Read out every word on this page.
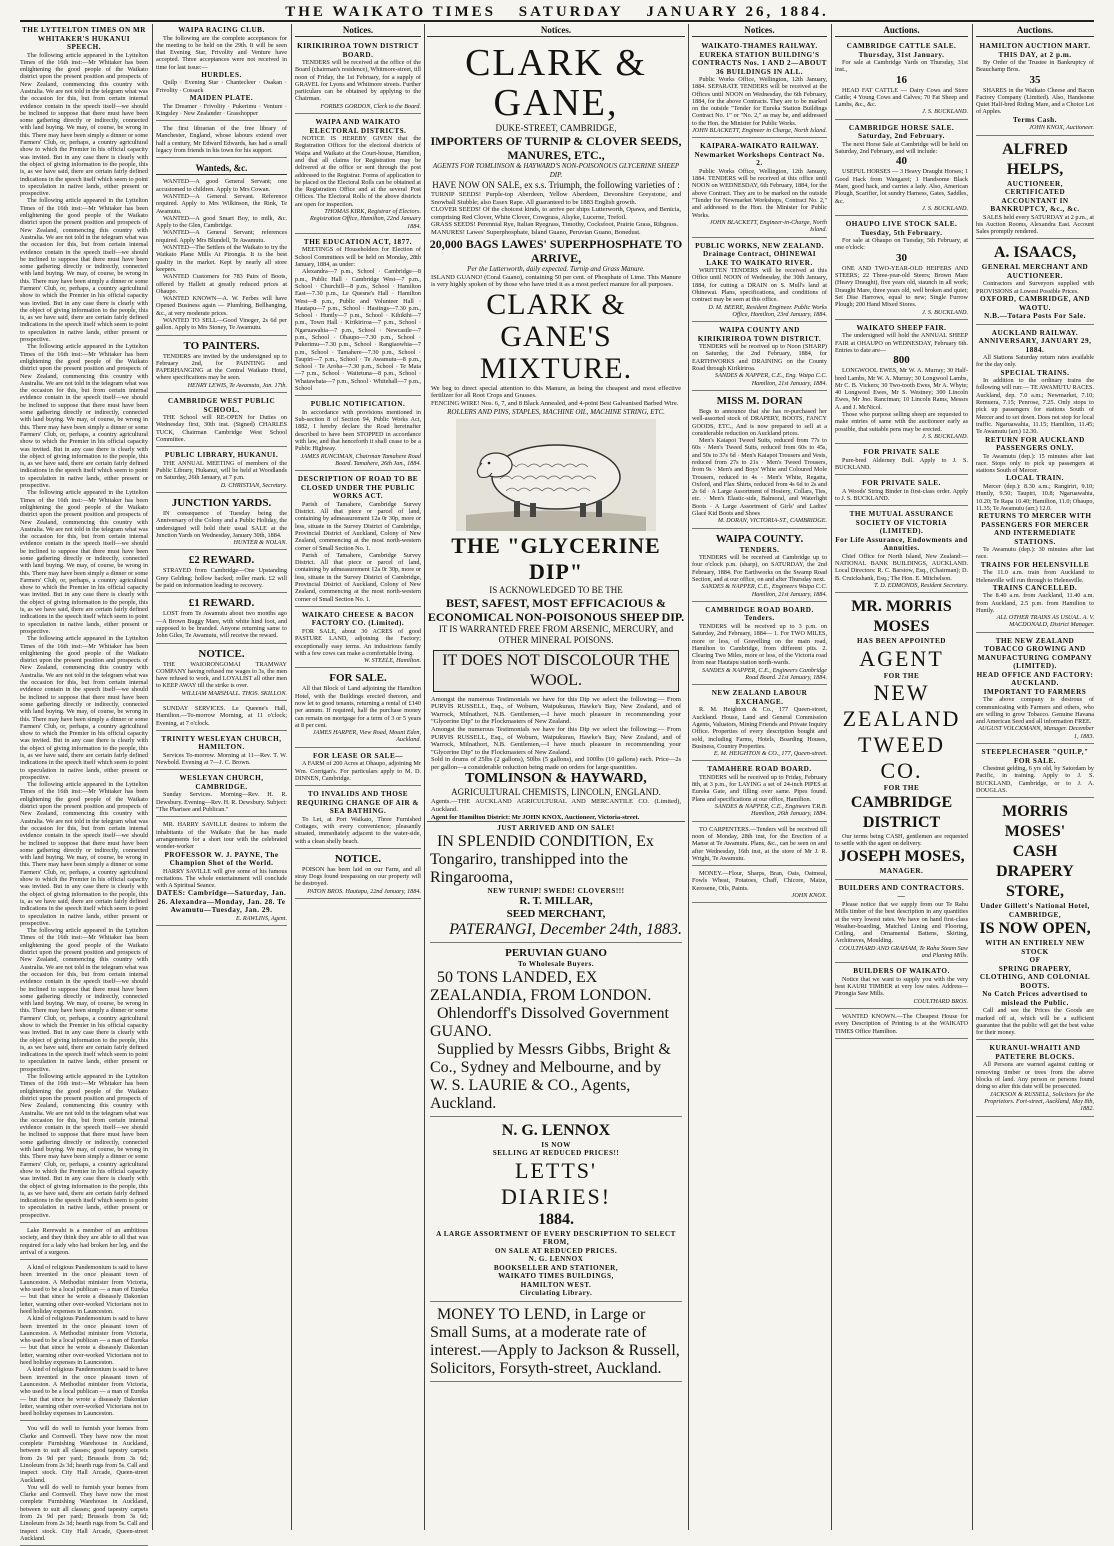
THE WAIKATO TIMES SATURDAY JANUARY 26, 1884.
THE LYTTELTON TIMES ON MR WHITAKER'S HUKANUI SPEECH.

The following article appeared in the Lyttelton Times of the 16th inst:—Mr Whitaker has been enlightening the good people of the Waikato district upon the present position and prospects of New Zealand, commencing this country with Australia. We are not told in the telegram what was the occasion for this, but from certain internal evidence contain in the speech itself—we should be inclined to suppose that there must have been some gathering directly or indirectly, connected with land buying. We may, of course, be wrong in this. There may have been simply a dinner or some Farmers' Club, or, perhaps, a country agricultural show to which the Premier in his official capacity was invited. But in any case there is clearly with the object of giving information to the people, this is, as we have said, there are certain fairly defined indications in the speech itself which seem to point to speculation in native lands, either present or prospective.

The following article appeared in the Lyttelton Times of the 16th inst:—Mr Whitaker has been enlightening the good people of the Waikato district upon the present position and prospects of New Zealand, commencing this country with Australia. We are not told in the telegram what was the occasion for this, but from certain internal evidence contain in the speech itself—we should be inclined to suppose that there must have been some gathering directly or indirectly, connected with land buying. We may, of course, be wrong in this. There may have been simply a dinner or some Farmers' Club, or, perhaps, a country agricultural show to which the Premier in his official capacity was invited. But in any case there is clearly with the object of giving information to the people, this is, as we have said, there are certain fairly defined indications in the speech itself which seem to point to speculation in native lands, either present or prospective.

The following article appeared in the Lyttelton Times of the 16th inst:—Mr Whitaker has been enlightening the good people of the Waikato district upon the present position and prospects of New Zealand, commencing this country with Australia. We are not told in the telegram what was the occasion for this, but from certain internal evidence contain in the speech itself—we should be inclined to suppose that there must have been some gathering directly or indirectly, connected with land buying. We may, of course, be wrong in this. There may have been simply a dinner or some Farmers' Club, or, perhaps, a country agricultural show to which the Premier in his official capacity was invited. But in any case there is clearly with the object of giving information to the people, this is, as we have said, there are certain fairly defined indications in the speech itself which seem to point to speculation in native lands, either present or prospective.

The following article appeared in the Lyttelton Times of the 16th inst:—Mr Whitaker has been enlightening the good people of the Waikato district upon the present position and prospects of New Zealand, commencing this country with Australia. We are not told in the telegram what was the occasion for this, but from certain internal evidence contain in the speech itself—we should be inclined to suppose that there must have been some gathering directly or indirectly, connected with land buying. We may, of course, be wrong in this. There may have been simply a dinner or some Farmers' Club, or, perhaps, a country agricultural show to which the Premier in his official capacity was invited. But in any case there is clearly with the object of giving information to the people, this is, as we have said, there are certain fairly defined indications in the speech itself which seem to point to speculation in native lands, either present or prospective.

The following article appeared in the Lyttelton Times of the 16th inst:—Mr Whitaker has been enlightening the good people of the Waikato district upon the present position and prospects of New Zealand, commencing this country with Australia. We are not told in the telegram what was the occasion for this, but from certain internal evidence contain in the speech itself—we should be inclined to suppose that there must have been some gathering directly or indirectly, connected with land buying. We may, of course, be wrong in this. There may have been simply a dinner or some Farmers' Club, or, perhaps, a country agricultural show to which the Premier in his official capacity was invited. But in any case there is clearly with the object of giving information to the people, this is, as we have said, there are certain fairly defined indications in the speech itself which seem to point to speculation in native lands, either present or prospective.

The following article appeared in the Lyttelton Times of the 16th inst:—Mr Whitaker has been enlightening the good people of the Waikato district upon the present position and prospects of New Zealand, commencing this country with Australia. We are not told in the telegram what was the occasion for this, but from certain internal evidence contain in the speech itself—we should be inclined to suppose that there must have been some gathering directly or indirectly, connected with land buying. We may, of course, be wrong in this. There may have been simply a dinner or some Farmers' Club, or, perhaps, a country agricultural show to which the Premier in his official capacity was invited. But in any case there is clearly with the object of giving information to the people, this is, as we have said, there are certain fairly defined indications in the speech itself which seem to point to speculation in native lands, either present or prospective.

The following article appeared in the Lyttelton Times of the 16th inst:—Mr Whitaker has been enlightening the good people of the Waikato district upon the present position and prospects of New Zealand, commencing this country with Australia. We are not told in the telegram what was the occasion for this, but from certain internal evidence contain in the speech itself—we should be inclined to suppose that there must have been some gathering directly or indirectly, connected with land buying. We may, of course, be wrong in this. There may have been simply a dinner or some Farmers' Club, or, perhaps, a country agricultural show to which the Premier in his official capacity was invited. But in any case there is clearly with the object of giving information to the people, this is, as we have said, there are certain fairly defined indications in the speech itself which seem to point to speculation in native lands, either present or prospective.

The following article appeared in the Lyttelton Times of the 16th inst:—Mr Whitaker has been enlightening the good people of the Waikato district upon the present position and prospects of New Zealand, commencing this country with Australia. We are not told in the telegram what was the occasion for this, but from certain internal evidence contain in the speech itself—we should be inclined to suppose that there must have been some gathering directly or indirectly, connected with land buying. We may, of course, be wrong in this. There may have been simply a dinner or some Farmers' Club, or, perhaps, a country agricultural show to which the Premier in his official capacity was invited. But in any case there is clearly with the object of giving information to the people, this is, as we have said, there are certain fairly defined indications in the speech itself which seem to point to speculation in native lands, either present or prospective.

Lake Rerewahi is a member of an ambitious society, and they think they are able to all that was required for a lady who had broken her leg, and the arrival of a surgeon.

A kind of religious Pandemonium is said to have been invented in the once pleasant town of Launceston. A Methodist minister from Victoria, who used to be a local publican — a man of Eureka — but that since he wrote a diseasely Dakonian letter, warning other over-worked Victorians not to heed holiday expenses in Launceston.

A kind of religious Pandemonium is said to have been invented in the once pleasant town of Launceston. A Methodist minister from Victoria, who used to be a local publican — a man of Eureka — but that since he wrote a diseasely Dakonian letter, warning other over-worked Victorians not to heed holiday expenses in Launceston.

A kind of religious Pandemonium is said to have been invented in the once pleasant town of Launceston. A Methodist minister from Victoria, who used to be a local publican — a man of Eureka — but that since he wrote a diseasely Dakonian letter, warning other over-worked Victorians not to heed holiday expenses in Launceston.

You will do well to furnish your homes from Clarke and Cornwell. They have now the most complete Furnishing Warehouse in Auckland, between to suit all classes; good tapestry carpets from 2s 9d per yard; Brussels from 3s 6d; Linoleum from 2s 3d; hearth rugs from 5s. Call and inspect stock. City Hall Arcade, Queen-street Auckland.

You will do well to furnish your homes from Clarke and Cornwell. They have now the most complete Furnishing Warehouse in Auckland, between to suit all classes; good tapestry carpets from 2s 9d per yard; Brussels from 3s 6d; Linoleum from 2s 3d; hearth rugs from 5s. Call and inspect stock. City Hall Arcade, Queen-street Auckland.

WAIPA RACING CLUB.

The following are the complete acceptances for the meeting to be held on the 29th. It will be seen that Evening Star, Frivolity and Venture have accepted. Three acceptances were not received in time for last issue:—

HURDLES.

Quilp · Evening Star · Chantecleer · Osakan · Frivolity · Cossack

MAIDEN PLATE.

The Dreamer · Frivolity · Pukerimu · Venture · Kingsley · New Zealander · Grasshopper

The first librarian of the free library of Manchester, England, whose labours extend over half a century, Mr Edward Edwards, has had a small legacy from friends in his town for his support.

Wanteds, &c.

WANTED—A good General Servant; one accustomed to children. Apply to Mrs Cowan.

WANTED—A General Servant. Reference required. Apply to Mrs Wilkinson, the Rink, Te Awamutu.

WANTED—A good Smart Boy, to milk, &c. Apply to the Glen, Cambridge.

WANTED—A General Servant; references required. Apply Mrs Blundell, Te Awamutu.

WANTED—The Settlers of the Waikato to try the Waikato Plane Mills At Pirongia. It is the best quality in the market. Kept by nearly all store keepers.

WANTED Customers for 783 Pairs of Boots, offered by Hallett at greatly reduced prices at Ohaupo.

WANTED KNOWN—A. W. Ferbes will have Opened Business again — Plumbing, Bellhanging, &c., at very moderate prices.

WANTED TO SELL—Good Vineger, 2s 6d per gallon. Apply to Mrs Stoney, Te Awamutu.

TO PAINTERS.

TENDERS are invited by the undersigned up to February 2nd, for PAINTING and PAPERHANGING at the Central Waikato Hotel, where specifications may be seen.

HENRY LEWIS, Te Awamutu, Jan. 17th.
CAMBRIDGE WEST PUBLIC SCHOOL.

THE School will RE-OPEN for Duties on Wednesday first, 30th inst. (Signed) CHARLES TUCK, Chairman Cambridge West School Committee.

PUBLIC LIBRARY, HUKANUI.

THE ANNUAL MEETING of members of the Public Library, Hukanui, will be held at Woodlands on Saturday, 26th January, at 7 p.m.

D. CHRISTIAN, Secretary.
JUNCTION YARDS.

IN consequence of Tuesday being the Anniversary of the Colony and a Public Holiday, the undersigned will hold their usual SALE at the Junction Yards on Wednesday, January 30th, 1884.

HUNTER & NOLAN.
£2 REWARD.

STRAYED from Cambridge—One Upstanding Grey Gelding; hollow backed; roller mark. £2 will be paid on information leading to recovery.

£1 REWARD.

LOST from Te Awamutu about two months ago—A Brown Buggy Mare, with white hind foot, and supposed to be branded. Anyone returning same to John Giles, Te Awamutu, will receive the reward.

NOTICE.

THE WAIORONGOMAI TRAMWAY COMPANY having refused me wages to 3s, the men have refused to work, and LOYALIST all other men to KEEP AWAY till the strike is over.

WILLIAM MARSHALL. THOS. SKILLON.

SUNDAY SERVICES. Le Queene's Hall, Hamilton.—To-morrow Morning, at 11 o'clock; Evening, at 7 o'clock.

TRINITY WESLEYAN CHURCH, HAMILTON.

Services To-morrow. Morning at 11—Rev. T. W. Newbold. Evening at 7—J. C. Brown.

WESLEYAN CHURCH, CAMBRIDGE.

Sunday Services. Morning—Rev. H. R. Dewsbury. Evening—Rev. H. R. Dewsbury. Subject: "The Pharisee and Publican."

MR. HARRY SAVILLE desires to inform the inhabitants of the Waikato that he has made arrangements for a short tour with the celebrated wonder-worker

PROFESSOR W. J. PAYNE, The Champion Shot of the World.

HARRY SAVILLE will give some of his famous recitations. The whole entertainment will conclude with A Spiritual Seance.

DATES: Cambridge—Saturday, Jan. 26. Alexandra—Monday, Jan. 28. Te Awamutu—Tuesday, Jan. 29.
E. RAWLINS, Agent.
Notices.
KIRIKIRIROA TOWN DISTRICT BOARD.

TENDERS will be received at the office of the Board (chairman's residence), Whitmore-street, till noon of Friday, the 1st February, for a supply of GRAVEL for Lyons and Whitmore streets. Further particulars can be obtained by applying to the Chairman.

FORBES GORDON, Clerk to the Board.
WAIPA AND WAIKATO ELECTORAL DISTRICTS.

NOTICE IS HEREBY GIVEN that the Registration Offices for the electoral districts of Waipa and Waikato at the Court-house, Hamilton, and that all claims for Registration may be delivered at the office or sent through the post addressed to the Registrar. Forms of application to be placed on the Electoral Rolls can be obtained at the Registration Office and at the several Post Offices. The Electoral Rolls of the above districts are open for inspection.

THOMAS KIRK, Registrar of Electors. Registration Office, Hamilton, 22nd January 1884.
THE EDUCATION ACT, 1877.

MEETINGS of Householders for Election of School Committees will be held on Monday, 28th January, 1884, as under:

Alexandra—7 p.m., School · Cambridge—8 p.m., Public Hall · Cambridge West—7 p.m., School · Churchill—8 p.m., School · Hamilton East—7.30 p.m., Le Quesne's Hall · Hamilton West—8 p.m., Public and Volunteer Hall · Hautapu—7 p.m., School · Hastings—7.30 p.m., School · Huntly—7 p.m., School · Kihikihi—7 p.m., Town Hall · Kirikiriroa—7 p.m., School · Ngaruawahia—7 p.m., School · Newcastle—7 p.m., School · Ohaupo—7.30 p.m., School · Pukerimu—7.30 p.m., School · Rangiaowhia—7 p.m., School · Tamahere—7.30 p.m., School · Taupiri—7 p.m., School · Te Awamutu—8 p.m., School · Te Aroha—7.30 p.m., School · Te Mata—7 p.m., School · Waitetuna—8 p.m., School · Whatawhata—7 p.m., School · Whitehall—7 p.m., School

PUBLIC NOTIFICATION.

In accordance with provisions mentioned in Sub-section 8 of Section 94, Public Works Act, 1882, I hereby declare the Road hereinafter described to have been STOPPED in accordance with law, and that henceforth it shall cease to be a Public Highway.

JAMES RUNCIMAN, Chairman Tamahere Road Board. Tamahere, 26th Jan., 1884.
DESCRIPTION OF ROAD TO BE CLOSED UNDER THE PUBLIC WORKS ACT.

Parish of Tamahere, Cambridge Survey District. All that piece or parcel of land, containing by admeasurement 12a 0r 30p, more or less, situate in the Survey District of Cambridge, Provincial District of Auckland, Colony of New Zealand, commencing at the most north-western corner of Small Section No. 1.

Parish of Tamahere, Cambridge Survey District. All that piece or parcel of land, containing by admeasurement 12a 0r 30p, more or less, situate in the Survey District of Cambridge, Provincial District of Auckland, Colony of New Zealand, commencing at the most north-western corner of Small Section No. 1.

WAIKATO CHEESE & BACON FACTORY CO. (Limited).

FOR SALE, about 30 ACRES of good PASTURE LAND, adjoining the Factory; exceptionally easy terms. An industrious family with a few cows can make a comfortable living.

W. STEELE, Hamilton.
FOR SALE.

All that Block of Land adjoining the Hamilton Hotel, with the Buildings erected thereon, and now let to good tenants, returning a rental of £140 per annum. If required, half the purchase money can remain on mortgage for a term of 3 or 5 years at 8 per cent.

JAMES HARPER, View Road, Mount Eden, Auckland.
FOR LEASE OR SALE—

A FARM of 200 Acres at Ohaupo, adjoining Mr Wm. Corrigan's. For particulars apply to M. D. DINNEN, Cambridge.

TO INVALIDS AND THOSE REQUIRING CHANGE OF AIR & SEA BATHING.

To Let, at Port Waikato, Three Furnished Cottages, with every convenience; pleasantly situated, immediately adjacent to the water-side, with a clean shelly beach.

NOTICE.

POISON has been laid on our Farm, and all stray Dogs found trespassing on our property will be destroyed.

PATON BROS. Hautapu, 22nd January, 1884.
Notices.
CLARK & GANE,
DUKE-STREET, CAMBRIDGE,
IMPORTERS OF TURNIP & CLOVER SEEDS, MANURES, ETC.,
AGENTS FOR TOMLINSON & HAYWARD'S NON-POISONOUS GLYCERINE SHEEP DIP.
HAVE NOW ON SALE, ex s.s. Triumph, the following varieties of :
TURNIP SEEDS! Purple-top Aberdeen, Yellow Aberdeen, Devonshire Greystone, and Snowball Stubble; also Essex Rape. All guaranteed to be 1883 English growth.
CLOVER SEEDS! Of the choicest kinds, to arrive per ships Lutterworth, Opawa, and Benicia, comprising Red Clover, White Clover, Cowgrass, Alsyke, Lucerne, Trefoil.
GRASS SEEDS! Perennial Rye, Italian Ryegrass, Timothy, Cocksfoot, Prairie Grass, Ribgrass.
MANURES! Lawes' Superphosphate, Island Guano, Peruvian Guano, Bonedust.
20,000 BAGS LAWES' SUPERPHOSPHATE TO ARRIVE,
Per the Lutterworth, daily expected. Turnip and Grass Manure.
ISLAND GUANO! (Coral Guano), containing 50 per cent. of Phosphate of Lime. This Manure is very highly spoken of by those who have tried it as a most perfect manure for all purposes.
CLARK & GANE'S MIXTURE.
We beg to direct special attention to this Manure, as being the cheapest and most effective fertilizer for all Root Crops and Grasses.
FENCING WIRE! Nos. 6, 7, and 8 Black Annealed, and 4-point Best Galvanised Barbed Wire.
ROLLERS AND PINS, STAPLES, MACHINE OIL, MACHINE STRING, ETC.
THE "GLYCERINE DIP"
IS ACKNOWLEDGED TO BE THE
BEST, SAFEST, MOST EFFICACIOUS & ECONOMICAL NON-POISONOUS SHEEP DIP.
IT IS WARRANTED FREE FROM ARSENIC, MERCURY, and OTHER MINERAL POISONS.
IT DOES NOT DISCOLOUR THE WOOL.
Amongst the numerous Testimonials we have for this Dip we select the following:— From PURVIS RUSSELL, Esq., of Woburn, Waipukurau, Hawke's Bay, New Zealand, and of Warrock, Milnathort, N.B. Gentlemen,—I have much pleasure in recommending your "Glycerine Dip" to the Flockmasters of New Zealand.
Amongst the numerous Testimonials we have for this Dip we select the following:— From PURVIS RUSSELL, Esq., of Woburn, Waipukurau, Hawke's Bay, New Zealand, and of Warrock, Milnathort, N.B. Gentlemen,—I have much pleasure in recommending your "Glycerine Dip" to the Flockmasters of New Zealand.
Sold in drums of 25lbs (2 gallons), 50lbs (5 gallons), and 100lbs (10 gallons) each. Price—2s per gallon—a considerable reduction being made on orders for large quantities.
TOMLINSON & HAYWARD,
AGRICULTURAL CHEMISTS, LINCOLN, ENGLAND.
Agents.—THE AUCKLAND AGRICULTURAL AND MERCANTILE CO. (Limited), Auckland.
Agent for Hamilton District: Mr JOHN KNOX, Auctioneer, Victoria-street.
JUST ARRIVED AND ON SALE!

IN SPLENDID CONDITION, Ex Tongariro, transhipped into the Ringarooma,

NEW TURNIP! SWEDE! CLOVERS!!!
R. T. MILLAR,
SEED MERCHANT,
PATERANGI, December 24th, 1883.
PERUVIAN GUANO
To Wholesale Buyers.

50 TONS LANDED, EX ZEALANDIA, FROM LONDON.

Ohlendorff's Dissolved Government GUANO.

Supplied by Messrs Gibbs, Bright & Co., Sydney and Melbourne, and by W. S. LAURIE & CO., Agents, Auckland.

N. G. LENNOX
IS NOW
SELLING AT REDUCED PRICES!!
LETTS'
DIARIES!
1884.
A LARGE ASSORTMENT OF EVERY DESCRIPTION TO SELECT FROM,
ON SALE AT REDUCED PRICES.
N. G. LENNOX
BOOKSELLER AND STATIONER,
WAIKATO TIMES BUILDINGS,
HAMILTON WEST.
Circulating Library.

MONEY TO LEND, in Large or Small Sums, at a moderate rate of interest.—Apply to Jackson & Russell, Solicitors, Forsyth-street, Auckland.

Notices.
WAIKATO-THAMES RAILWAY.
EUREKA STATION BUILDING'S CONTRACTS Nos. 1 AND 2—ABOUT 36 BUILDINGS IN ALL.

Public Works Office, Wellington, 12th January, 1884. SEPARATE TENDERS will be received at the Offices until NOON on Wednesday, the 6th February, 1884, for the above Contracts. They are to be marked on the outside "Tender for Eureka Station Buildings Contract No. 1" or "No. 2," as may be, and addressed to the Hon. the Minister for Public Works.

JOHN BLACKETT, Engineer in Charge, North Island.
KAIPARA-WAIKATO RAILWAY.
Newmarket Workshops Contract No. 2.

Public Works Office, Wellington, 12th January, 1884. TENDERS will be received at this office until NOON on WEDNESDAY, 6th February, 1884, for the above Contract. They are to be marked on the outside "Tender for Newmarket Workshops, Contract No. 2," and addressed to the Hon. the Minister for Public Works.

JOHN BLACKETT, Engineer-in-Charge, North Island.
PUBLIC WORKS, NEW ZEALAND.
Drainage Contract, OHINEWAI LAKE TO WAIKATO RIVER.

WRITTEN TENDERS will be received at this Office until NOON of Wednesday, the 30th January, 1884, for cutting a DRAIN on S. Mull's land at Ohinewai. Plans, specifications, and conditions of contract may be seen at this office.

D. M. BEERE, Resident Engineer. Public Works Office, Hamilton, 23rd January, 1884.
WAIPA COUNTY AND KIRIKIRIROA TOWN DISTRICT.

TENDERS will be received up to Noon (SHARP) on Saturday, the 2nd February, 1884, for EARTHWORKS and DRAINING on the County Road through Kirikiriroa.

SANDES & NAPPER, C.E., Eng. Waipa C.C. Hamilton, 21st January, 1884.
MISS M. DORAN

Begs to announce that she has re-purchased her well-assorted stock of DRAPERY, BOOTS, FANCY GOODS, ETC., And is now prepared to sell at a considerable reduction on Auckland prices.

Men's Kaiapoi Tweed Suits, reduced from 77s to 60s · Men's Tweed Suits, reduced from 60s to 45s, and 50s to 37s 6d · Men's Kaiapoi Trousers and Vests, reduced from 27s to 21s · Men's Tweed Trousers, from 9s · Men's and Boys' White and Coloured Mole Trousers, reduced to 4s · Men's White, Regatta, Oxford, and Flax Shirts, reduced from 4s 6d to 2s and 2s 6d · A Large Assortment of Hosiery, Collars, Ties, etc. · Men's Elastic-side, Balmoral, and Waterlight Boots · A Large Assortment of Girls' and Ladies' Glacé Kid Boots and Shoes

M. DORAN, VICTORIA-ST., CAMBRIDGE.
WAIPA COUNTY.
TENDERS.

TENDERS will be received at Cambridge up to four o'clock p.m. (sharp), on SATURDAY, the 2nd February, 1884. For Earthworks on the Swamp Road Section, and at our office, on and after Thursday next.

SANDES & NAPPER, C.E., Engineers Waipa C.C. Hamilton, 21st January, 1884.
CAMBRIDGE ROAD BOARD.
Tenders.

TENDERS will be received up to 3 p.m. on Saturday, 2nd February, 1884— 1. For TWO MILES, more or less, of Gravelling on the main road, Hamilton to Cambridge, from different pits. 2. Clearing Two Miles, more or less, of the Victoria road from near Hautapu station north-wards.

SANDES & NAPPER, C.E., Engineers Cambridge Road Board. 21st January, 1884.
NEW ZEALAND LABOUR EXCHANGE.

R. M. Heighton & Co., 177 Queen-street, Auckland. House, Land and General Commission Agents, Valuators, Mining Friends and Private Inquiry Office. Properties of every description bought and sold, including Farms, Hotels, Boarding Houses, Business, Country Properties.

E. M. HEIGHTON & CO., 177, Queen-street.
TAMAHERE ROAD BOARD.

TENDERS will be received up to Friday, February 8th, at 3 p.m., for LAYING a set of 24-inch PIPES at Eureka Gate, and filling over same. Pipes found. Plans and specifications at our office, Hamilton.

SANDES & NAPPER, C.E., Engineers T.R.B. Hamilton, 26th January, 1884.

TO CARPENTERS.—Tenders will be received till noon of Monday, 28th inst, for the Erection of a Manse at Te Awamutu. Plans, &c., can be seen on and after Wednesday, 16th inst, at the store of Mr J. R. Wright, Te Awamutu.

MONEY.—Flour, Sharps, Bran, Oats, Oatmeal, Fowls Wheat, Potatoes, Chaff, Chicore, Maize, Kerosene, Oils, Paints.

JOHN KNOX.
Auctions.
CAMBRIDGE CATTLE SALE.
Thursday, 31st January.

For sale at Cambridge Yards on Thursday, 31st inst.,

16

HEAD FAT CATTLE — Dairy Cows and Store Cattle; 4 Young Cows and Calves; 70 Fat Sheep and Lambs, &c., &c.

J. S. BUCKLAND.
CAMBRIDGE HORSE SALE.
Saturday, 2nd February.

The next Horse Sale at Cambridge will be held on Saturday, 2nd February, and will include:

40

USEFUL HORSES — 3 Heavy Draught Horses; 1 Good Hack from Wangarei; 1 Handsome Black Mare, good hack, and carries a lady. Also, American Plough, Scarifier, lot sundry Harness, Gates, Saddles, &c.

J. S. BUCKLAND.
OHAUPO LIVE STOCK SALE.
Tuesday, 5th February.

For sale at Ohaupo on Tuesday, 5th February, at one o'clock:

30

ONE AND TWO-YEAR-OLD HEIFERS AND STEERS; 22 Three-year-old Steers; Brown Mare (Heavy Draught), five years old, staunch in all work; Draught Mare, three years old, well broken and quiet; Set Dise Harrows, equal to new; Single Furrow Plough; 200 Hand Mixed Stores.

J. S. BUCKLAND.
WAIKATO SHEEP FAIR.

The undersigned will hold the ANNUAL SHEEP FAIR at OHAUPO on WEDNESDAY, February 6th. Entries to date are—

800

LONGWOOL EWES, Mr W. A. Murray; 30 Half-bred Lambs, Mr W. A. Murray; 30 Longwool Lambs, Mr C. B. Vickers; 30 Two-tooth Ewes, Mr A. Whyte; 40 Longwool Ewes, Mr S. Westney; 300 Lincoln Ewes, Mr Jno. Ranciman; 10 Lincoln Rams, Messrs A. and J. McNicol.

Those who purpose selling sheep are requested to make entries of same with the auctioneer early as possible, that suitable pens may be erected.

J. S. BUCKLAND.
FOR PRIVATE SALE

Pure-bred Alderney Bull. Apply to J. S. BUCKLAND.

FOR PRIVATE SALE.

A Woods' String Binder in first-class order. Apply to J. S. BUCKLAND.

THE MUTUAL ASSURANCE SOCIETY OF VICTORIA (LIMITED).
For Life Assurance, Endowments and Annuities.

Chief Office for North Island, New Zealand:— NATIONAL BANK BUILDINGS, AUCKLAND. Local Directors: R. C. Barstow, Esq., (Chairman); D. B. Cruickshank, Esq.; The Hon. E. Mitchelson.

T. D. EDMONDS, Resident Secretary.
MR. MORRIS MOSES
HAS BEEN APPOINTED
AGENT
FOR THE
NEW ZEALAND
TWEED CO.
FOR THE
CAMBRIDGE DISTRICT

Our terms being CASH, gentlemen are requested to settle with the agent on delivery.

JOSEPH MOSES,
MANAGER.
BUILDERS AND CONTRACTORS.—

Please notice that we supply from our Te Rahu Mills timber of the best description in any quantities at the very lowest rates. We have on hand first-class Weather-boarding, Matched Lining and Flooring, Ceiling, and Ornamental Battens, Skirting, Architraves, Moulding.

COULTHARD AND GRAHAM, Te Rahu Steam Saw and Planing Mills.
BUILDERS OF WAIKATO.

Notice that we want to supply you with the very best KAURI TIMBER at very low rates. Address—Pirongia Saw Mills.

COULTHARD BROS.

WANTED KNOWN.—The Cheapest House for every Description of Printing is at the WAIKATO TIMES Office Hamilton.

Auctions.
HAMILTON AUCTION MART.
THIS DAY, at 2 p.m.

By Order of the Trustee in Bankruptcy of Beauchamp Bros.

35

SHARES in the Waikato Cheese and Bacon Factory Company (Limited). Also, Handsome Quiet Half-bred Riding Mare, and a Choice Lot of Apples.

Terms Cash.
JOHN KNOX, Auctioneer.
ALFRED HELPS,
AUCTIONEER,
CERTIFICATED ACCOUNTANT IN BANKRUPTCY, &c., &c.

SALES held every SATURDAY at 2 p.m., at his Auction Rooms, Alexandra East. Account Sales promptly rendered.

A. ISAACS,
GENERAL MERCHANT AND AUCTIONEER.

Contractors and Surveyors supplied with PROVISIONS at Lowest Possible Prices.

OXFORD, CAMBRIDGE, AND WAOTU.
N.B.—Totara Posts For Sale.
AUCKLAND RAILWAY.
ANNIVERSARY, JANUARY 29, 1884.

All Stations Saturday return rates available for the day only.

SPECIAL TRAINS.

In addition to the ordinary trains the following will run:— TE AWAMUTU RACES. Auckland, dep. 7.0 a.m.; Newmarket, 7.10; Remuera, 7.15; Penrose, 7.25. Only stops to pick up passengers for stations South of Mercer and to set down. Does not stop for local traffic. Ngaruawahia, 11.15; Hamilton, 11.45; Te Awamutu (arr.) 12.30.

RETURN FOR AUCKLAND PASSENGERS ONLY.

Te Awamutu (dep.): 15 minutes after last race. Stops only to pick up passengers at stations South of Mercer.

LOCAL TRAIN.

Mercer (dep.): 8.30 a.m.; Rangiriri, 9.10; Huntly, 9.50; Taupiri, 10.8; Ngaruawahia, 10.20; Te Rapa 10.40; Hamilton, 11.0; Ohaupo, 11.35; Te Awamutu (arr.) 12.0.

RETURNS TO MERCER WITH PASSENGERS FOR MERCER AND INTERMEDIATE STATIONS.

Te Awamutu (dep.): 30 minutes after last race.

TRAINS FOR HELENSVILLE

The 11.0 a.m. train from Auckland to Helensville will run through to Helensville.

TRAINS CANCELLED.

The 8.40 a.m. from Auckland, 11.40 a.m. from Auckland, 2.5 p.m. from Hamilton to Huntly.

ALL OTHER TRAINS AS USUAL. A. V. MACDONALD, District Manager.
THE NEW ZEALAND TOBACCO GROWING AND MANUFACTURING COMPANY (LIMITED).
HEAD OFFICE AND FACTORY: AUCKLAND.
IMPORTANT TO FARMERS

The above company is desirous of communicating with Farmers and others, who are willing to grow Tobacco. Genuine Havana and American Seed and all information FREE.

AUGUST VOLCKMANN, Manager. December 1, 1883.
STEEPLECHASER "QUILP," FOR SALE.

Chestnut gelding, 6 yrs old, by Satordam by Pacific, in training. Apply to J. S. BUCKLAND, Cambridge, or to J. A. DOUGLAS.

MORRIS MOSES'
CASH
DRAPERY STORE,
Under Gillett's National Hotel,
CAMBRIDGE,
IS NOW OPEN,
WITH AN ENTIRELY NEW STOCK
OF
SPRING DRAPERY,
CLOTHING, AND COLONIAL BOOTS.
No Catch Prices advertised to mislead the Public.

Call and see the Prices the Goods are marked off at, which will be a sufficient guarantee that the public will get the best value for their money.

KURANUI-WHAITI AND PATETERE BLOCKS.

All Persons are warned against cutting or removing timber or trees from the above blocks of land. Any person or persons found doing so after this date will be prosecuted.

JACKSON & RUSSELL, Solicitors for the Proprietors. Fort-street, Auckland, May 8th, 1882.
